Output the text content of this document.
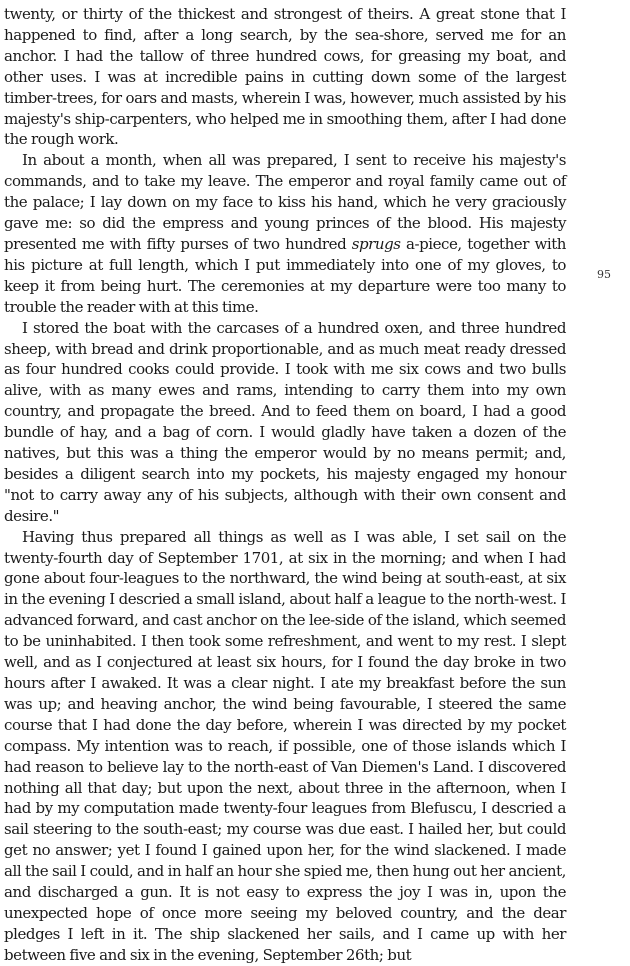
twenty, or thirty of the thickest and strongest of theirs. A great stone that I happened to find, after a long search, by the sea-shore, served me for an anchor. I had the tallow of three hundred cows, for greasing my boat, and other uses. I was at incredible pains in cutting down some of the largest timber-trees, for oars and masts, wherein I was, however, much assisted by his majesty's ship-carpenters, who helped me in smoothing them, after I had done the rough work.

In about a month, when all was prepared, I sent to receive his majesty's commands, and to take my leave. The emperor and royal family came out of the palace; I lay down on my face to kiss his hand, which he very graciously gave me: so did the empress and young princes of the blood. His majesty presented me with fifty purses of two hundred sprugs a-piece, together with his picture at full length, which I put immediately into one of my gloves, to keep it from being hurt. The ceremonies at my departure were too many to trouble the reader with at this time.

I stored the boat with the carcases of a hundred oxen, and three hundred sheep, with bread and drink proportionable, and as much meat ready dressed as four hundred cooks could provide. I took with me six cows and two bulls alive, with as many ewes and rams, intending to carry them into my own country, and propagate the breed. And to feed them on board, I had a good bundle of hay, and a bag of corn. I would gladly have taken a dozen of the natives, but this was a thing the emperor would by no means permit; and, besides a diligent search into my pockets, his majesty engaged my honour "not to carry away any of his subjects, although with their own consent and desire."

Having thus prepared all things as well as I was able, I set sail on the twenty-fourth day of September 1701, at six in the morning; and when I had gone about four-leagues to the northward, the wind being at south-east, at six in the evening I descried a small island, about half a league to the north-west. I advanced forward, and cast anchor on the lee-side of the island, which seemed to be uninhabited. I then took some refreshment, and went to my rest. I slept well, and as I conjectured at least six hours, for I found the day broke in two hours after I awaked. It was a clear night. I ate my breakfast before the sun was up; and heaving anchor, the wind being favourable, I steered the same course that I had done the day before, wherein I was directed by my pocket compass. My intention was to reach, if possible, one of those islands which I had reason to believe lay to the north-east of Van Diemen's Land. I discovered nothing all that day; but upon the next, about three in the afternoon, when I had by my computation made twenty-four leagues from Blefuscu, I descried a sail steering to the south-east; my course was due east. I hailed her, but could get no answer; yet I found I gained upon her, for the wind slackened. I made all the sail I could, and in half an hour she spied me, then hung out her ancient, and discharged a gun. It is not easy to express the joy I was in, upon the unexpected hope of once more seeing my beloved country, and the dear pledges I left in it. The ship slackened her sails, and I came up with her between five and six in the evening, September 26th; but

95
